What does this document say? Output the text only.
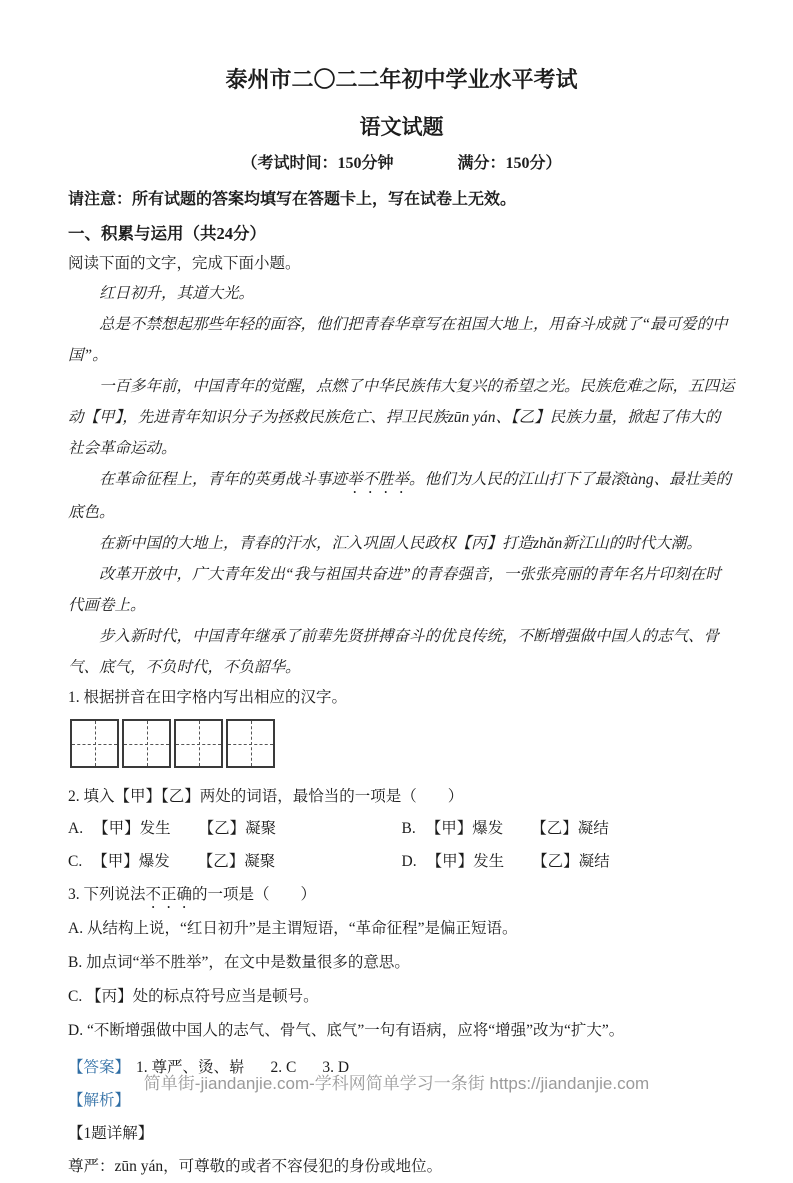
泰州市二〇二二年初中学业水平考试
语文试题
（考试时间：150分钟　　　　满分：150分）
请注意：所有试题的答案均填写在答题卡上，写在试卷上无效。
一、积累与运用（共24分）
阅读下面的文字，完成下面小题。

红日初升，其道大光。

总是不禁想起那些年轻的面容，他们把青春华章写在祖国大地上，用奋斗成就了“最可爱的中国”。

一百多年前，中国青年的觉醒，点燃了中华民族伟大复兴的希望之光。民族危难之际，五四运动【甲】，先进青年知识分子为拯救民族危亡、捍卫民族zūn yán、【乙】民族力量，掀起了伟大的社会革命运动。

在革命征程上，青年的英勇战斗事迹举不胜举。他们为人民的江山打下了最滚tàng、最壮美的底色。

在新中国的大地上，青春的汗水，汇入巩固人民政权【丙】打造zhǎn新江山的时代大潮。

改革开放中，广大青年发出“我与祖国共奋进”的青春强音，一张张亮丽的青年名片印刻在时代画卷上。

步入新时代，中国青年继承了前辈先贤拼搏奋斗的优良传统，不断增强做中国人的志气、骨气、底气，不负时代，不负韶华。

1. 根据拼音在田字格内写出相应的汉字。

2. 填入【甲】【乙】两处的词语，最恰当的一项是（　　）

A. 【甲】发生 【乙】凝聚	B. 【甲】爆发 【乙】凝结
C. 【甲】爆发 【乙】凝聚	D. 【甲】发生 【乙】凝结

3. 下列说法不正确的一项是（　　）

A. 从结构上说，“红日初升”是主谓短语，“革命征程”是偏正短语。

B. 加点词“举不胜举”，在文中是数量很多的意思。

C. 【丙】处的标点符号应当是顿号。

D. “不断增强做中国人的志气、骨气、底气”一句有语病，应将“增强”改为“扩大”。

【答案】 1. 尊严、烫、崭 2. C 3. D
【解析】
【1题详解】
尊严：zūn yán，可尊敬的或者不容侵犯的身份或地位。
简单街-jiandanjie.com-学科网简单学习一条街 https://jiandanjie.com
